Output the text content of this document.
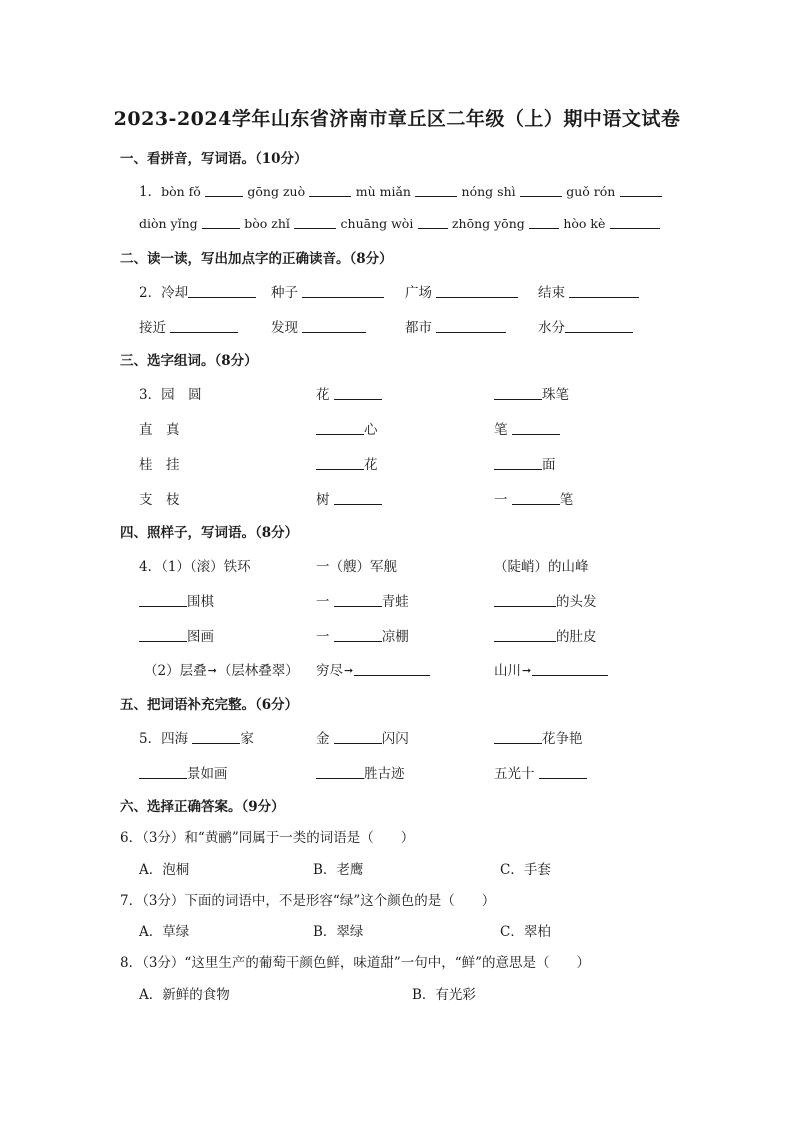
2023-2024学年山东省济南市章丘区二年级（上）期中语文试卷
一、看拼音，写词语。（10分）
1．bòn fǒ	gōng zuò	mù miǎn	nóng shì	guǒ rón
diòn yǐng	bòo zhǐ	chuāng wòi	zhōng yōng	hòo kè
二、读一读，写出加点字的正确读音。（8分）
2．冷却	种子	广场	结束
接近	发现	都市	水分
三、选字组词。（8分）
3．园　 圆	花	珠笔
直　 真	心	笔
桂　 挂	花	面
支　 枝	树	一	笔
四、照样子，写词语。（8分）
4．（1）（滚）铁环	一（艘）军舰	（陡峭）的山峰
围棋	一	青蛙	的头发
图画	一	凉棚	的肚皮
（2）层叠➞（层林叠翠） 穷尽➞	山川➞
五、把词语补充完整。（6分）
5．四海	家	金	闪闪	花争艳
景如画	胜古迹	五光十
六、选择正确答案。（9分）
6．（3分）和“黄鹂”同属于一类的词语是（　　）
A．泡桐	B．老鹰	C．手套
7．（3分）下面的词语中，不是形容“绿”这个颜色的是（　　）
A．草绿	B．翠绿	C．翠柏
8．（3分）“这里生产的葡萄干颜色鲜，味道甜”一句中，“鲜”的意思是（　　）
A．新鲜的食物	B．有光彩
